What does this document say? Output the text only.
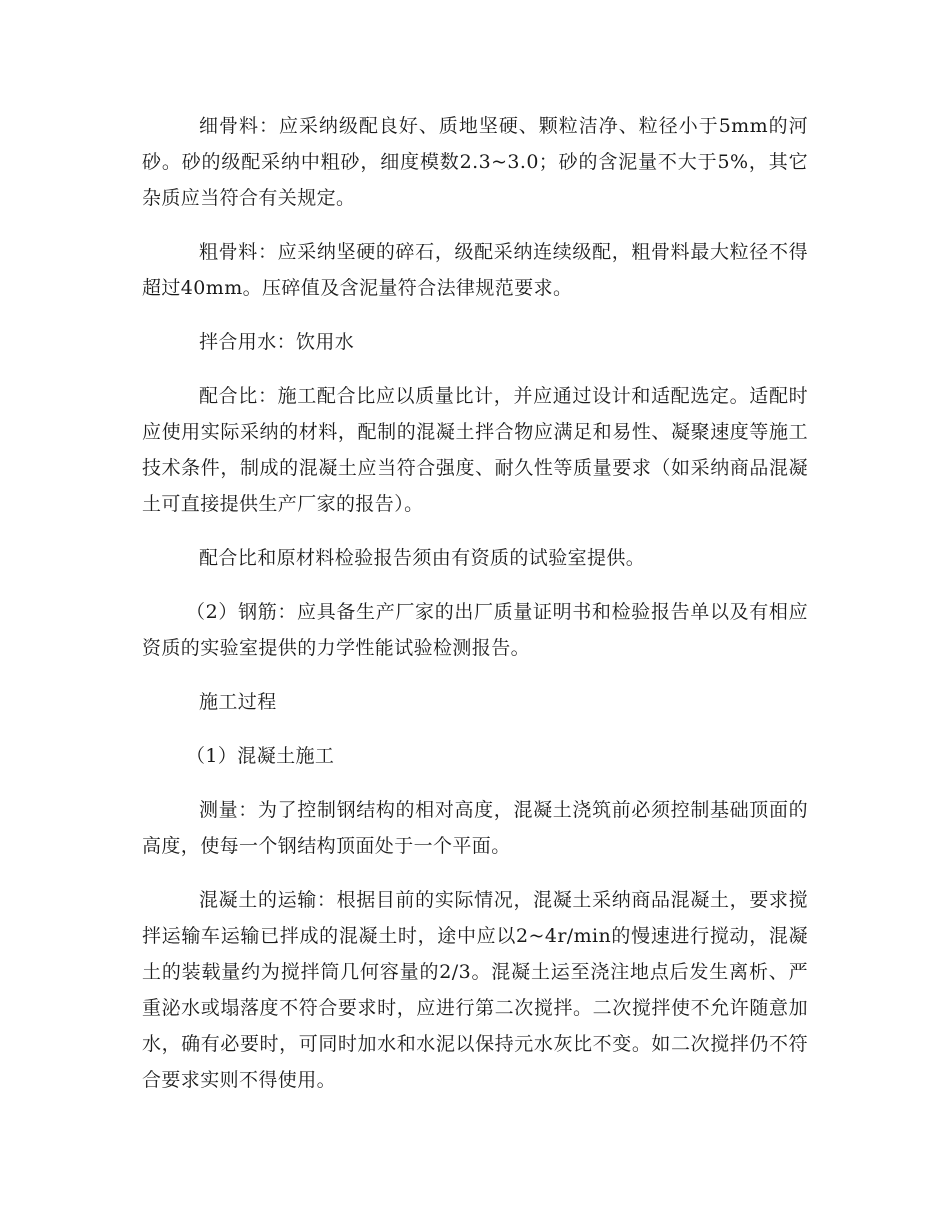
细骨料：应采纳级配良好、质地坚硬、颗粒洁净、粒径小于5mm的河砂。砂的级配采纳中粗砂，细度模数2.3~3.0；砂的含泥量不大于5%，其它杂质应当符合有关规定。

粗骨料：应采纳坚硬的碎石，级配采纳连续级配，粗骨料最大粒径不得超过40mm。压碎值及含泥量符合法律规范要求。

拌合用水：饮用水

配合比：施工配合比应以质量比计，并应通过设计和适配选定。适配时应使用实际采纳的材料，配制的混凝土拌合物应满足和易性、凝聚速度等施工技术条件，制成的混凝土应当符合强度、耐久性等质量要求（如采纳商品混凝土可直接提供生产厂家的报告）。

配合比和原材料检验报告须由有资质的试验室提供。

（2）钢筋：应具备生产厂家的出厂质量证明书和检验报告单以及有相应资质的实验室提供的力学性能试验检测报告。

施工过程

（1）混凝土施工

测量：为了控制钢结构的相对高度，混凝土浇筑前必须控制基础顶面的高度，使每一个钢结构顶面处于一个平面。

混凝土的运输：根据目前的实际情况，混凝土采纳商品混凝土，要求搅拌运输车运输已拌成的混凝土时，途中应以2~4r/min的慢速进行搅动，混凝土的装载量约为搅拌筒几何容量的2/3。混凝土运至浇注地点后发生离析、严重泌水或塌落度不符合要求时，应进行第二次搅拌。二次搅拌使不允许随意加水，确有必要时，可同时加水和水泥以保持元水灰比不变。如二次搅拌仍不符合要求实则不得使用。
